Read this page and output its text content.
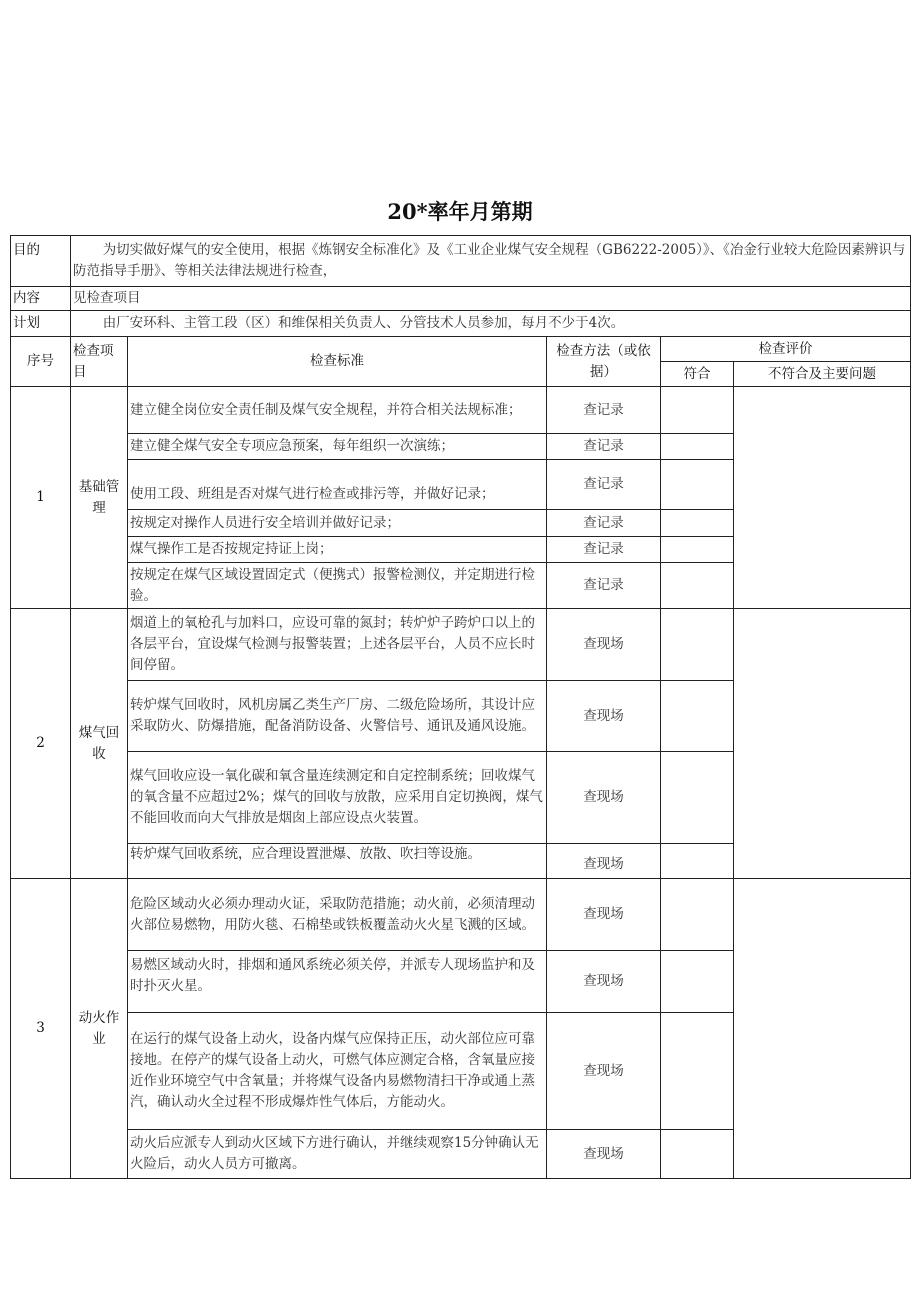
20*率年月第期
目的	为切实做好煤气的安全使用，根据《炼钢安全标准化》及《工业企业煤气安全规程（GB6222-2005）》、《冶金行业较大危险因素辨识与防范指导手册》、等相关法律法规进行检查，				
内容	见检查项目				
计划	由厂安环科、主管工段（区）和维保相关负责人、分管技术人员参加，每月不少于4次。				
序号	检查项目	检查标准	检查方法（或依据）	检查评价	
				符合	不符合及主要问题
1	基础管理	建立健全岗位安全责任制及煤气安全规程，并符合相关法规标准；	查记录		
		建立健全煤气安全专项应急预案，每年组织一次演练；	查记录		
		使用工段、班组是否对煤气进行检查或排污等，并做好记录；	查记录		
		按规定对操作人员进行安全培训并做好记录；	查记录		
		煤气操作工是否按规定持证上岗；	查记录		
		按规定在煤气区域设置固定式（便携式）报警检测仪，并定期进行检验。	查记录		
2	煤气回收	烟道上的氧枪孔与加料口，应设可靠的氮封；转炉炉子跨炉口以上的各层平台，宜设煤气检测与报警装置；上述各层平台，人员不应长时间停留。	查现场		
		转炉煤气回收时，风机房属乙类生产厂房、二级危险场所，其设计应采取防火、防爆措施，配备消防设备、火警信号、通讯及通风设施。	查现场		
		煤气回收应设一氧化碳和氧含量连续测定和自定控制系统；回收煤气的氧含量不应超过2%；煤气的回收与放散，应采用自定切换阀，煤气不能回收而向大气排放是烟囱上部应设点火装置。	查现场		
		转炉煤气回收系统，应合理设置泄爆、放散、吹扫等设施。	查现场		
3	动火作业	危险区域动火必须办理动火证，采取防范措施；动火前，必须清理动火部位易燃物，用防火毯、石棉垫或铁板覆盖动火火星飞溅的区域。	查现场		
		易燃区域动火时，排烟和通风系统必须关停，并派专人现场监护和及时扑灭火星。	查现场		
		在运行的煤气设备上动火，设备内煤气应保持正压，动火部位应可靠接地。在停产的煤气设备上动火，可燃气体应测定合格，含氧量应接近作业环境空气中含氧量；并将煤气设备内易燃物清扫干净或通上蒸汽，确认动火全过程不形成爆炸性气体后，方能动火。	查现场		
		动火后应派专人到动火区域下方进行确认，并继续观察15分钟确认无火险后，动火人员方可撤离。	查现场		
